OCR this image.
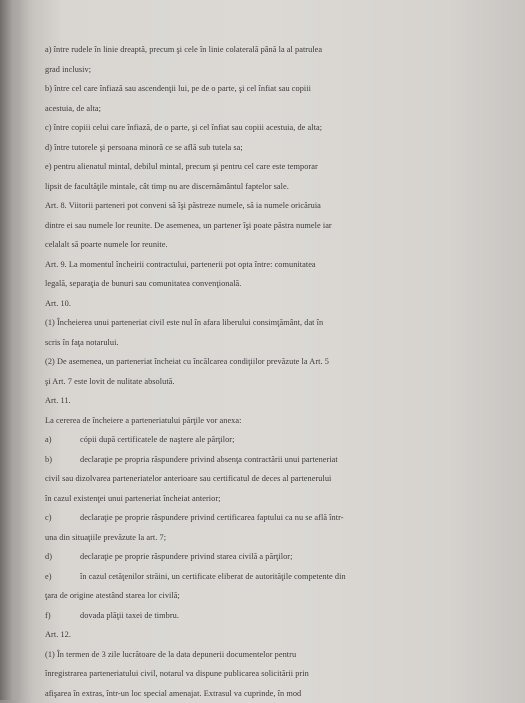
a) între rudele în linie dreaptă, precum şi cele în linie colaterală până la al patrulea

grad inclusiv;

b) între cel care înfiază sau ascendenţii lui, pe de o parte, şi cel înfiat sau copiii

acestuia, de alta;

c) între copiii celui care înfiază, de o parte, şi cel înfiat sau copiii acestuia, de alta;

d) între tutorele şi persoana minoră ce se află sub tutela sa;

e) pentru alienatul mintal, debilul mintal, precum şi pentru cel care este temporar

lipsit de facultăţile mintale, cât timp nu are discernământul faptelor sale.

Art. 8. Viitorii parteneri pot conveni să îşi păstreze numele, să ia numele oricăruia

dintre ei sau numele lor reunite. De asemenea, un partener îşi poate păstra numele iar

celalalt să poarte numele lor reunite.

Art. 9. La momentul încheirii contractului, partenerii pot opta între: comunitatea

legală, separaţia de bunuri sau comunitatea convenţională.

Art. 10.

(1) Încheierea unui parteneriat civil este nul în afara liberului consimţământ, dat în

scris în faţa notarului.

(2) De asemenea, un parteneriat încheiat cu încălcarea condiţiilor prevăzute la Art. 5

şi Art. 7 este lovit de nulitate absolută.

Art. 11.

La cererea de încheiere a parteneriatului părţile vor anexa:

a)	cópii după certificatele de naştere ale părţilor;

b)	declaraţie pe propria răspundere privind absenţa contractării unui parteneriat

civil sau dizolvarea parteneriatelor anterioare sau certificatul de deces al partenerului

în cazul existenţei unui parteneriat încheiat anterior;

c)	declaraţie pe proprie răspundere privind certificarea faptului ca nu se află într-

una din situaţiile prevăzute la art. 7;

d)	declaraţie pe proprie răspundere privind starea civilă a părţilor;

e)	în cazul cetăţenilor străini, un certificate eliberat de autorităţile competente din

ţara de origine atestând starea lor civilă;

f)	dovada plăţii taxei de timbru.

Art. 12.

(1) În termen de 3 zile lucrătoare de la data depunerii documentelor pentru

înregistrarea parteneriatului civil, notarul va dispune publicarea solicitării prin

afişarea în extras, într-un loc special amenajat. Extrasul va cuprinde, în mod
